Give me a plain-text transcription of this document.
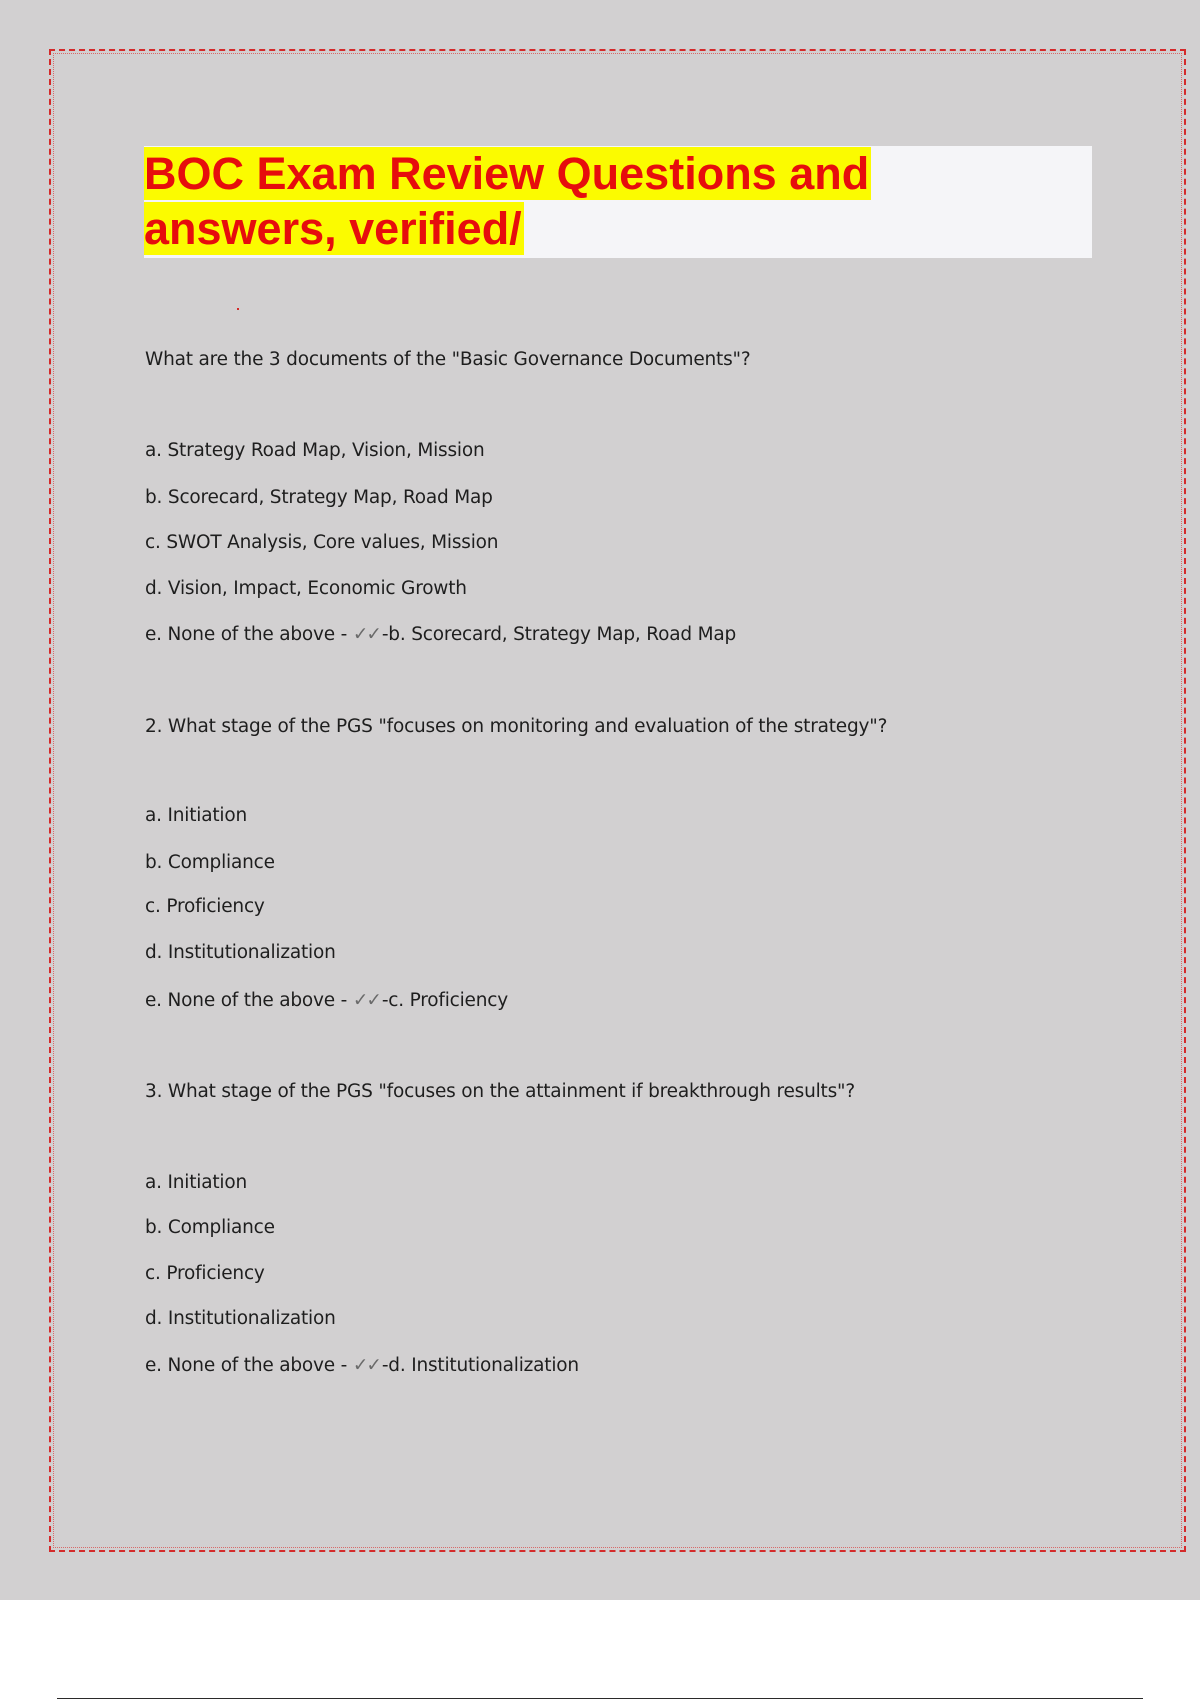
BOC Exam Review Questions and
answers, verified/
What are the 3 documents of the "Basic Governance Documents"?
a. Strategy Road Map, Vision, Mission
b. Scorecard, Strategy Map, Road Map
c. SWOT Analysis, Core values, Mission
d. Vision, Impact, Economic Growth
e. None of the above - ✓✓ -b. Scorecard, Strategy Map, Road Map
2. What stage of the PGS "focuses on monitoring and evaluation of the strategy"?
a. Initiation
b. Compliance
c. Proficiency
d. Institutionalization
e. None of the above - ✓✓ -c. Proficiency
3. What stage of the PGS "focuses on the attainment if breakthrough results"?
a. Initiation
b. Compliance
c. Proficiency
d. Institutionalization
e. None of the above - ✓✓ -d. Institutionalization
